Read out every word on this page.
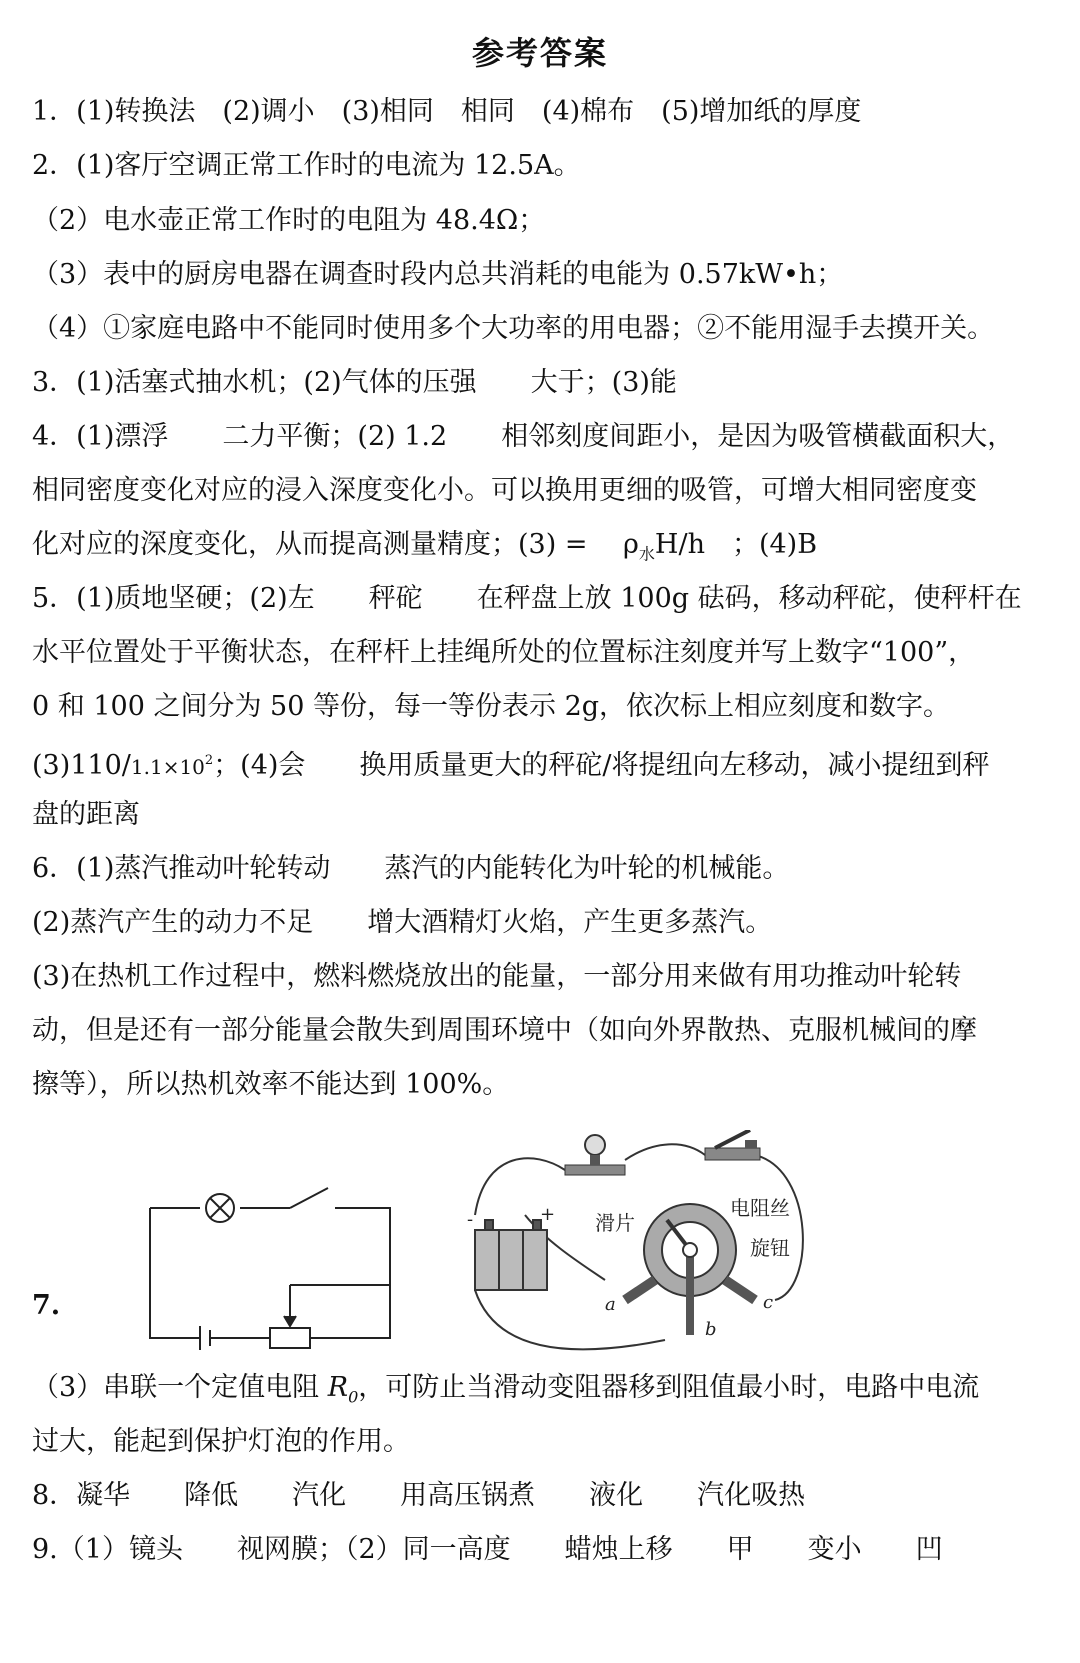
参考答案
1．(1)转换法　(2)调小　(3)相同　相同　(4)棉布　(5)增加纸的厚度
2．(1)客厅空调正常工作时的电流为 12.5A。
（2）电水壶正常工作时的电阻为 48.4Ω；
（3）表中的厨房电器在调查时段内总共消耗的电能为 0.57kW•h；
（4）①家庭电路中不能同时使用多个大功率的用电器；②不能用湿手去摸开关。
3．(1)活塞式抽水机；(2)气体的压强　　大于；(3)能
4．(1)漂浮　　二力平衡；(2) 1.2　　相邻刻度间距小，是因为吸管横截面积大，
相同密度变化对应的浸入深度变化小。可以换用更细的吸管，可增大相同密度变
化对应的深度变化，从而提高测量精度；(3) =　 $\rho_水H/h$　；(4)B
5．(1)质地坚硬；(2)左　　秤砣　　在秤盘上放 100g 砝码，移动秤砣，使秤杆在
水平位置处于平衡状态，在秤杆上挂绳所处的位置标注刻度并写上数字“100”，
0 和 100 之间分为 50 等份，每一等份表示 2g，依次标上相应刻度和数字。
$(3)110/1.1\times 10^2$；(4)会　　换用质量更大的秤砣/将提纽向左移动，减小提纽到秤
盘的距离
6．(1)蒸汽推动叶轮转动　　蒸汽的内能转化为叶轮的机械能。
(2)蒸汽产生的动力不足　　增大酒精灯火焰，产生更多蒸汽。
(3)在热机工作过程中，燃料燃烧放出的能量，一部分用来做有用功推动叶轮转
动，但是还有一部分能量会散失到周围环境中（如向外界散热、克服机械间的摩
擦等），所以热机效率不能达到 100%。
7.
-	+ 滑片
电阻丝
旋钮
a
b
c
（3）串联一个定值电阻 $R_0$，可防止当滑动变阻器移到阻值最小时，电路中电流
过大，能起到保护灯泡的作用。
8．凝华　　降低　　汽化　　用高压锅煮　　液化　　汽化吸热
9.（1）镜头　　视网膜；（2）同一高度　　蜡烛上移　　甲　　变小　　凹
